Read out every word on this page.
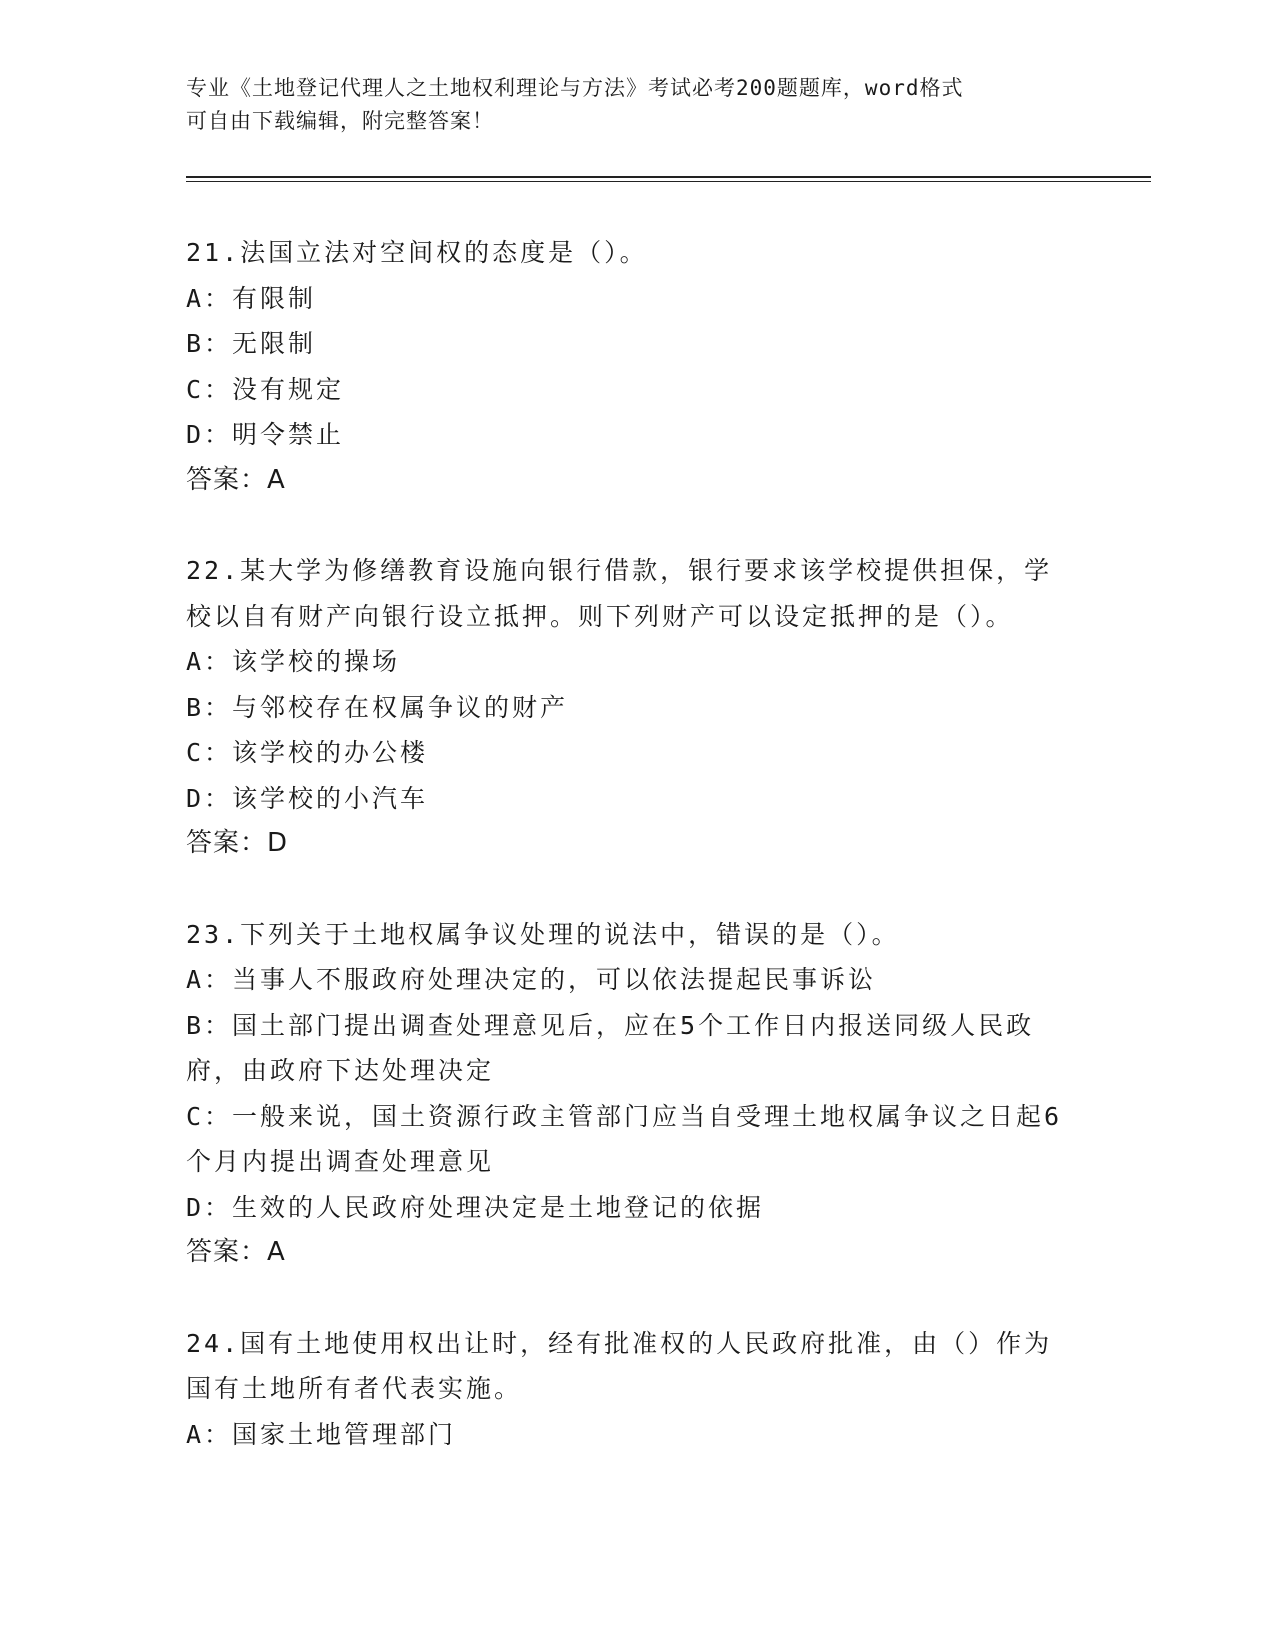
专业《土地登记代理人之土地权利理论与方法》考试必考200题题库，word格式
可自由下载编辑，附完整答案！
21.法国立法对空间权的态度是（）。
A：有限制
B：无限制
C：没有规定
D：明令禁止
答案：A
22.某大学为修缮教育设施向银行借款，银行要求该学校提供担保，学校以自有财产向银行设立抵押。则下列财产可以设定抵押的是（）。
A：该学校的操场
B：与邻校存在权属争议的财产
C：该学校的办公楼
D：该学校的小汽车
答案：D
23.下列关于土地权属争议处理的说法中，错误的是（）。
A：当事人不服政府处理决定的，可以依法提起民事诉讼
B：国土部门提出调查处理意见后，应在5个工作日内报送同级人民政府，由政府下达处理决定
C：一般来说，国土资源行政主管部门应当自受理土地权属争议之日起6个月内提出调查处理意见
D：生效的人民政府处理决定是土地登记的依据
答案：A
24.国有土地使用权出让时，经有批准权的人民政府批准，由（）作为国有土地所有者代表实施。
A：国家土地管理部门
